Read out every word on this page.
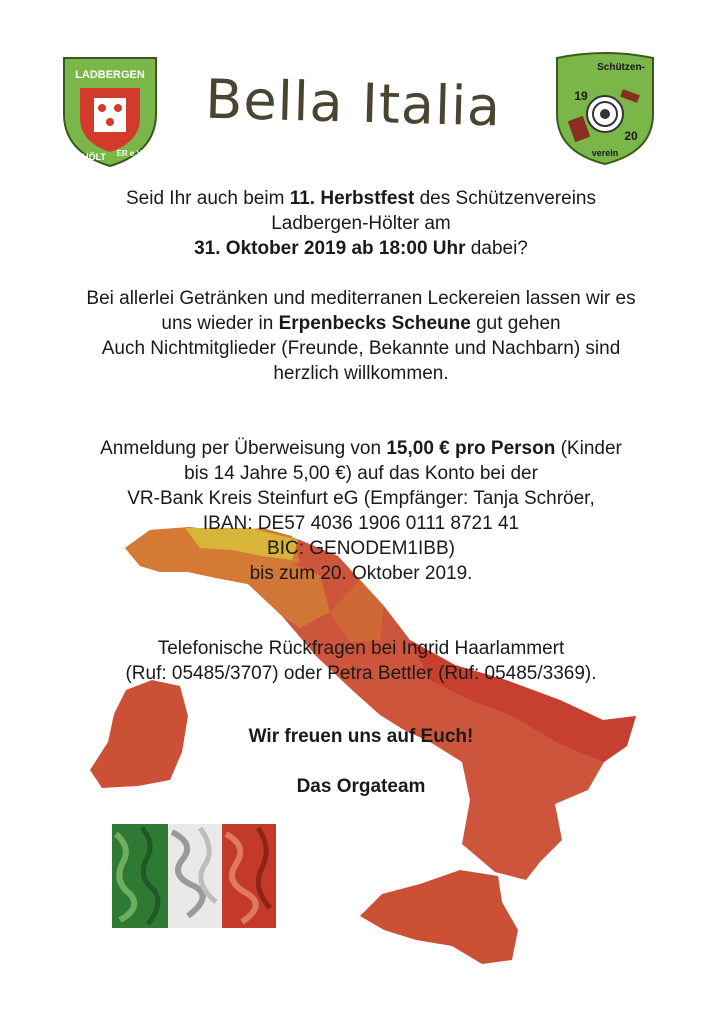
LADBERGEN
HÖLT ER e.V.
Schützen-
19
20
verein
Bella Italia

Seid Ihr auch beim 11. Herbstfest des Schützenvereins

Ladbergen-Hölter am

31. Oktober 2019 ab 18:00 Uhr dabei?

Bei allerlei Getränken und mediterranen Leckereien lassen wir es

uns wieder in Erpenbecks Scheune gut gehen

Auch Nichtmitglieder (Freunde, Bekannte und Nachbarn) sind

herzlich willkommen.

Anmeldung per Überweisung von 15,00 € pro Person (Kinder

bis 14 Jahre 5,00 €) auf das Konto bei der

VR-Bank Kreis Steinfurt eG (Empfänger: Tanja Schröer,

IBAN: DE57 4036 1906 0111 8721 41

BIC: GENODEM1IBB)

bis zum 20. Oktober 2019.

Telefonische Rückfragen bei Ingrid Haarlammert

(Ruf: 05485/3707) oder Petra Bettler (Ruf: 05485/3369).

Wir freuen uns auf Euch!

Das Orgateam
